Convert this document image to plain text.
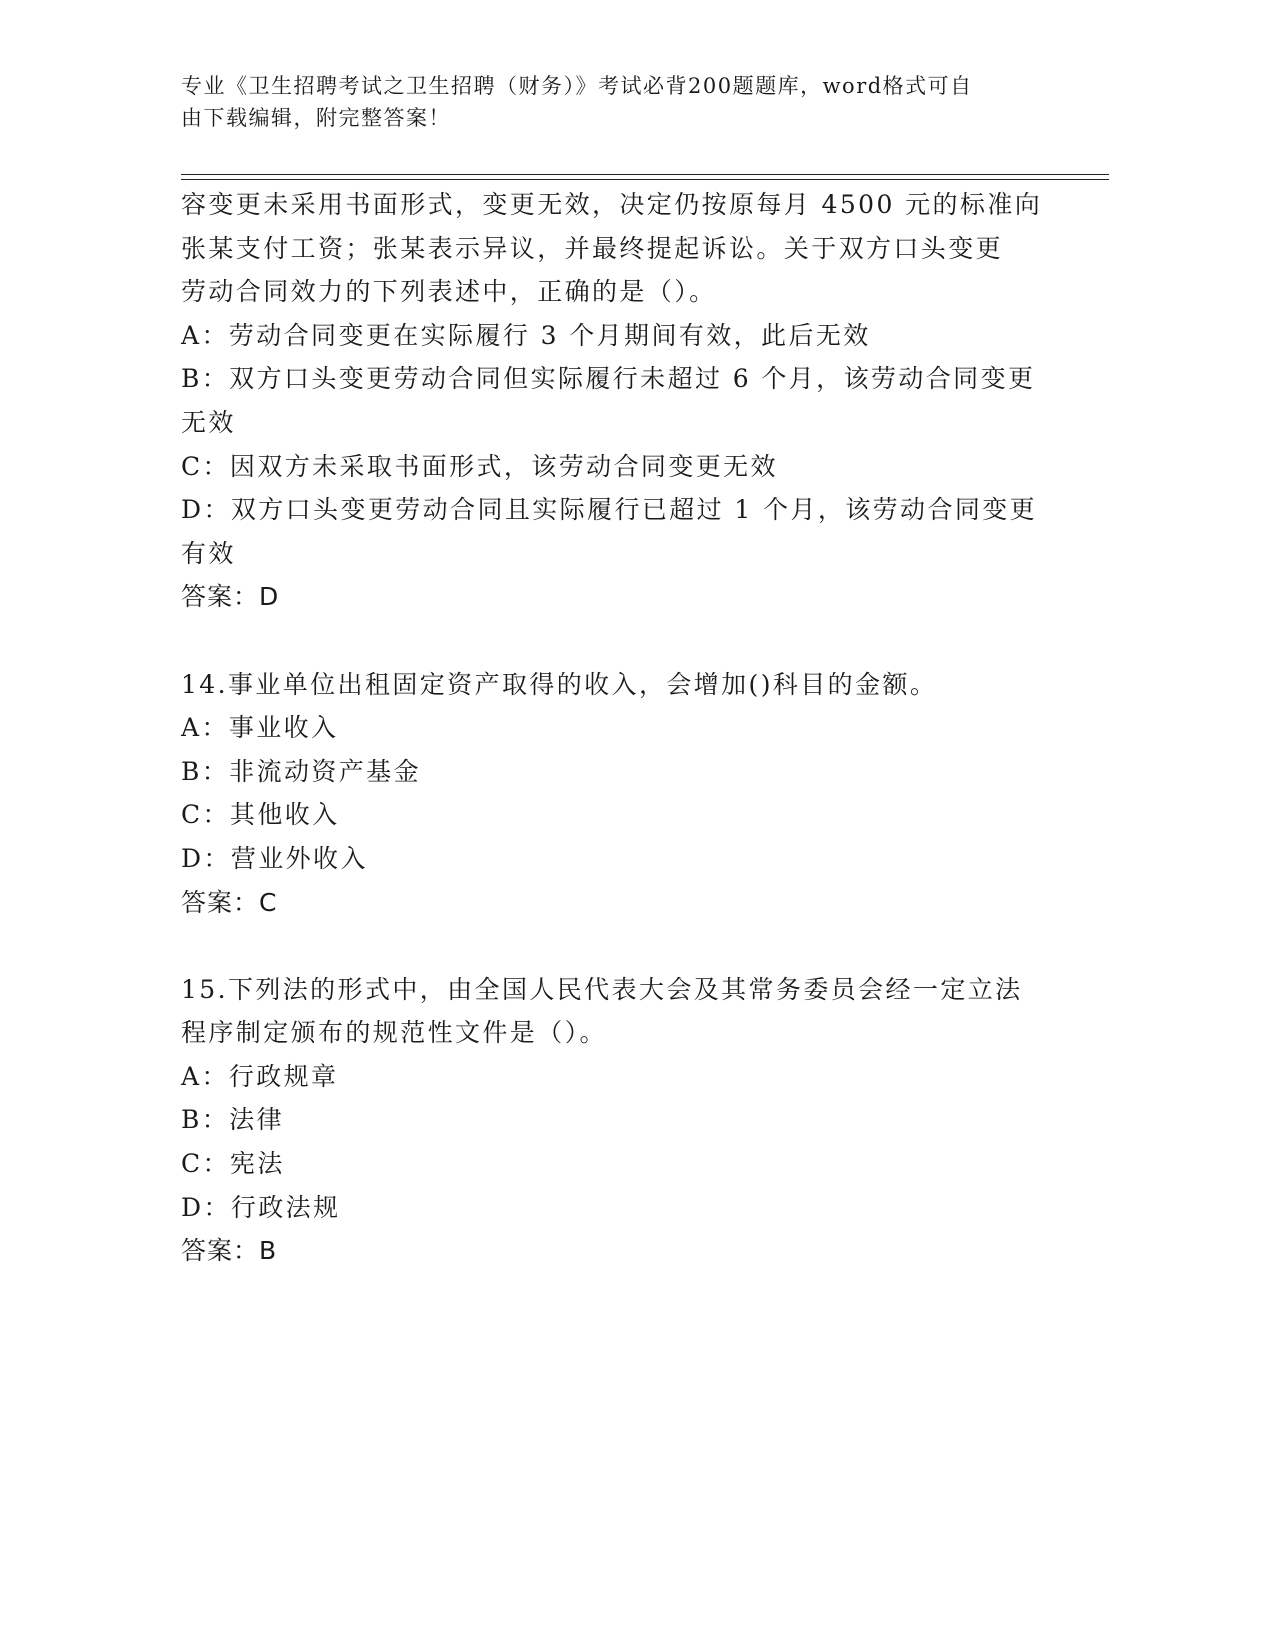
专业《卫生招聘考试之卫生招聘（财务）》考试必背200题题库，word格式可自
由下载编辑，附完整答案！

容变更未采用书面形式，变更无效，决定仍按原每月 4500 元的标准向

张某支付工资；张某表示异议，并最终提起诉讼。关于双方口头变更

劳动合同效力的下列表述中，正确的是（）。

A：劳动合同变更在实际履行 3 个月期间有效，此后无效

B：双方口头变更劳动合同但实际履行未超过 6 个月，该劳动合同变更

无效

C：因双方未采取书面形式，该劳动合同变更无效

D：双方口头变更劳动合同且实际履行已超过 1 个月，该劳动合同变更

有效

答案：D

14.事业单位出租固定资产取得的收入，会增加()科目的金额。

A：事业收入

B：非流动资产基金

C：其他收入

D：营业外收入

答案：C

15.下列法的形式中，由全国人民代表大会及其常务委员会经一定立法

程序制定颁布的规范性文件是（）。

A：行政规章

B：法律

C：宪法

D：行政法规

答案：B
